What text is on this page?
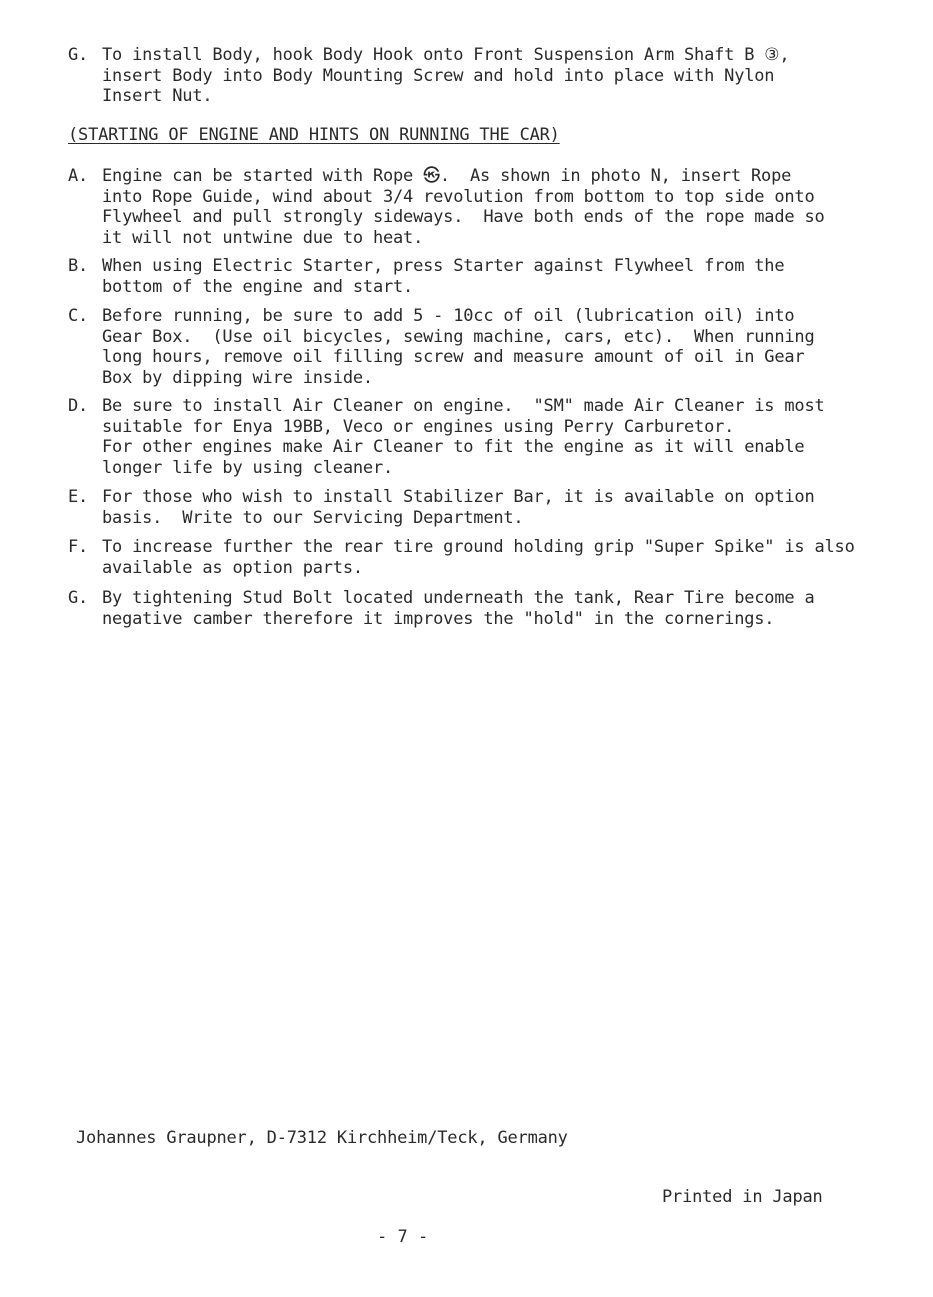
G. To install Body, hook Body Hook onto Front Suspension Arm Shaft B ③,
insert Body into Body Mounting Screw and hold into place with Nylon
Insert Nut.
(STARTING OF ENGINE AND HINTS ON RUNNING THE CAR)
A. Engine can be started with Rope ㉿.  As shown in photo N, insert Rope
into Rope Guide, wind about 3/4 revolution from bottom to top side onto
Flywheel and pull strongly sideways.  Have both ends of the rope made so
it will not untwine due to heat.
B. When using Electric Starter, press Starter against Flywheel from the
bottom of the engine and start.
C. Before running, be sure to add 5 - 10cc of oil (lubrication oil) into
Gear Box.  (Use oil bicycles, sewing machine, cars, etc).  When running
long hours, remove oil filling screw and measure amount of oil in Gear
Box by dipping wire inside.
D. Be sure to install Air Cleaner on engine.  "SM" made Air Cleaner is most
suitable for Enya 19BB, Veco or engines using Perry Carburetor.
For other engines make Air Cleaner to fit the engine as it will enable
longer life by using cleaner.
E. For those who wish to install Stabilizer Bar, it is available on option
basis.  Write to our Servicing Department.
F. To increase further the rear tire ground holding grip "Super Spike" is also
available as option parts.
G. By tightening Stud Bolt located underneath the tank, Rear Tire become a
negative camber therefore it improves the "hold" in the cornerings.
Johannes Graupner, D-7312 Kirchheim/Teck, Germany
Printed in Japan
- 7 -
